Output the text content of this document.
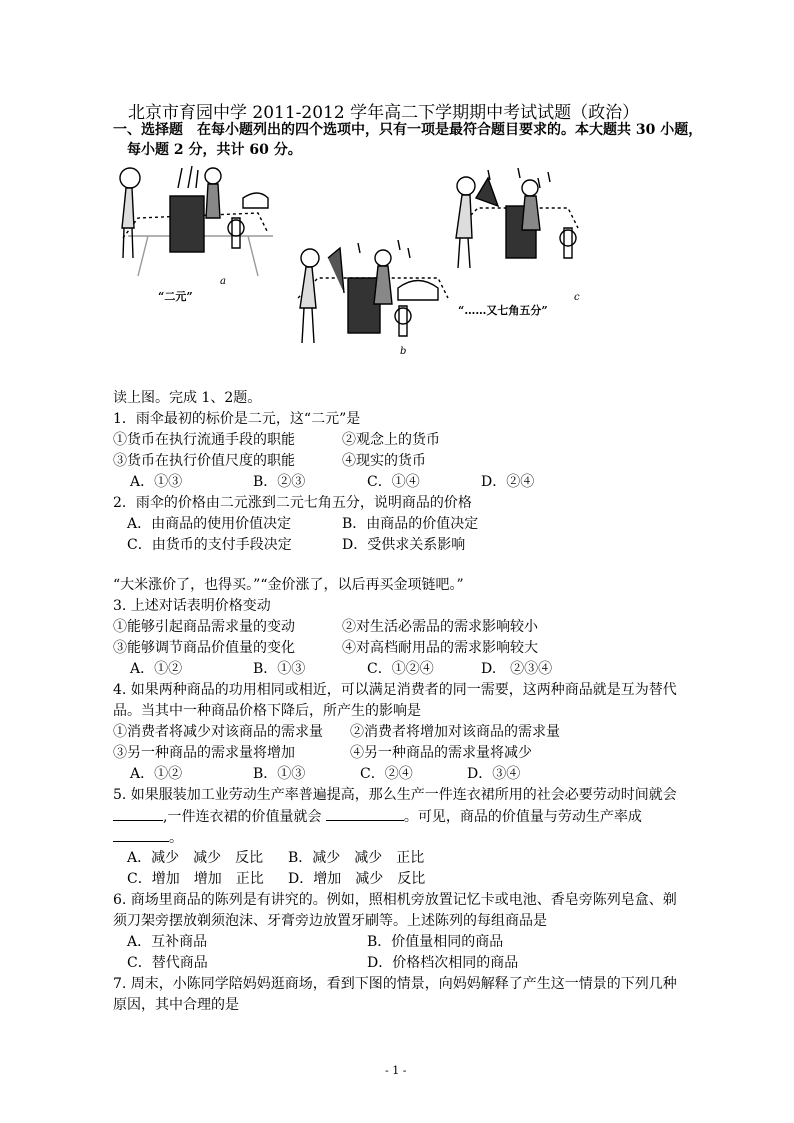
北京市育园中学 2011-2012 学年高二下学期期中考试试题（政治）
一、选择题　在每小题列出的四个选项中，只有一项是最符合题目要求的。本大题共 30 小题，
每小题 2 分，共计 60 分。
a
“二元”
b
c
“……又七角五分”
读上图。完成 1、2题。
1．雨伞最初的标价是二元，这“二元”是
①货币在执行流通手段的职能	②观念上的货币
③货币在执行价值尺度的职能	④现实的货币
A．①③	B．②③	C．①④	D．②④
2．雨伞的价格由二元涨到二元七角五分，说明商品的价格
A．由商品的使用价值决定	B．由商品的价值决定
C．由货币的支付手段决定	D．受供求关系影响
“大米涨价了，也得买。”“金价涨了，以后再买金项链吧。”
3. 上述对话表明价格变动
①能够引起商品需求量的变动	②对生活必需品的需求影响较小
③能够调节商品价值量的变化	④对高档耐用品的需求影响较大
A．①②	B．①③	C．①②④	D.　②③④
4. 如果两种商品的功用相同或相近，可以满足消费者的同一需要，这两种商品就是互为替代
品。当其中一种商品价格下降后，所产生的影响是
①消费者将减少对该商品的需求量 ②消费者将增加对该商品的需求量
③另一种商品的需求量将增加	④另一种商品的需求量将减少
A．①②	B．①③	C．②④	D．③④
5. 如果服装加工业劳动生产率普遍提高，那么生产一件连衣裙所用的社会必要劳动时间就会
,一件连衣裙的价值量就会	。可见，商品的价值量与劳动生产率成
。
A．减少　减少　反比 B．减少　减少　正比
C．增加　增加　正比 D．增加　减少　反比
6. 商场里商品的陈列是有讲究的。例如，照相机旁放置记忆卡或电池、香皂旁陈列皂盒、剃
须刀架旁摆放剃须泡沫、牙膏旁边放置牙刷等。上述陈列的每组商品是
A．互补商品	B．价值量相同的商品
C．替代商品	D．价格档次相同的商品
7. 周末，小陈同学陪妈妈逛商场，看到下图的情景，向妈妈解释了产生这一情景的下列几种
原因，其中合理的是
- 1 -
